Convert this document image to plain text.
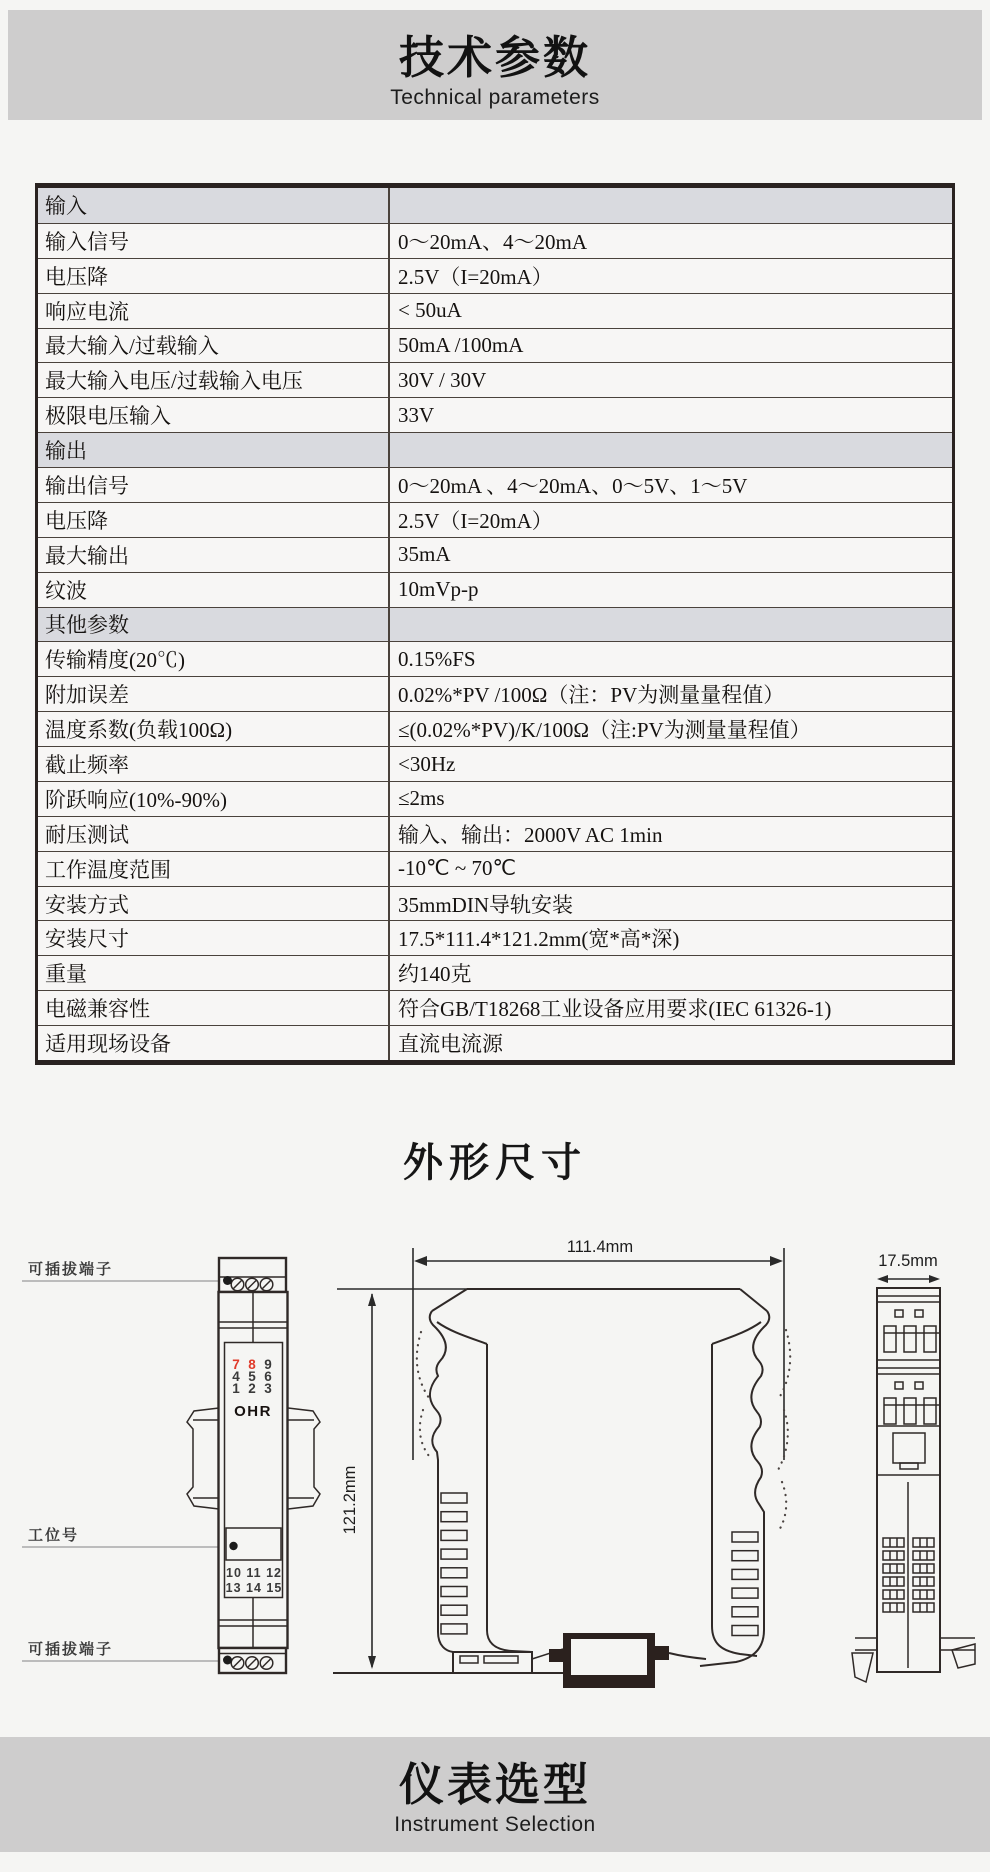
技术参数
Technical parameters
输入
输入信号	0～20mA、4～20mA
电压降	2.5V（I=20mA）
响应电流	< 50uA
最大输入/过载输入	50mA /100mA
最大输入电压/过载输入电压	30V / 30V
极限电压输入	33V
输出
输出信号	0～20mA 、4～20mA、0～5V、1～5V
电压降	2.5V（I=20mA）
最大输出	35mA
纹波	10mVp-p
其他参数
传输精度(20℃)	0.15%FS
附加误差	0.02%*PV /100Ω（注：PV为测量量程值）
温度系数(负载100Ω)	≤(0.02%*PV)/K/100Ω（注:PV为测量量程值）
截止频率	<30Hz
阶跃响应(10%-90%)	≤2ms
耐压测试	输入、输出：2000V AC 1min
工作温度范围	-10℃ ~ 70℃
安装方式	35mmDIN导轨安装
安装尺寸	17.5*111.4*121.2mm(宽*高*深)
重量	约140克
电磁兼容性	符合GB/T18268工业设备应用要求(IEC 61326-1)
适用现场设备	直流电流源
外形尺寸
可插拔端子
工位号
可插拔端子
7 8 9
4 5 6
1 2 3
OHR
10 11 12
13 14 15
111.4mm
121.2mm
17.5mm
仪表选型
Instrument Selection
